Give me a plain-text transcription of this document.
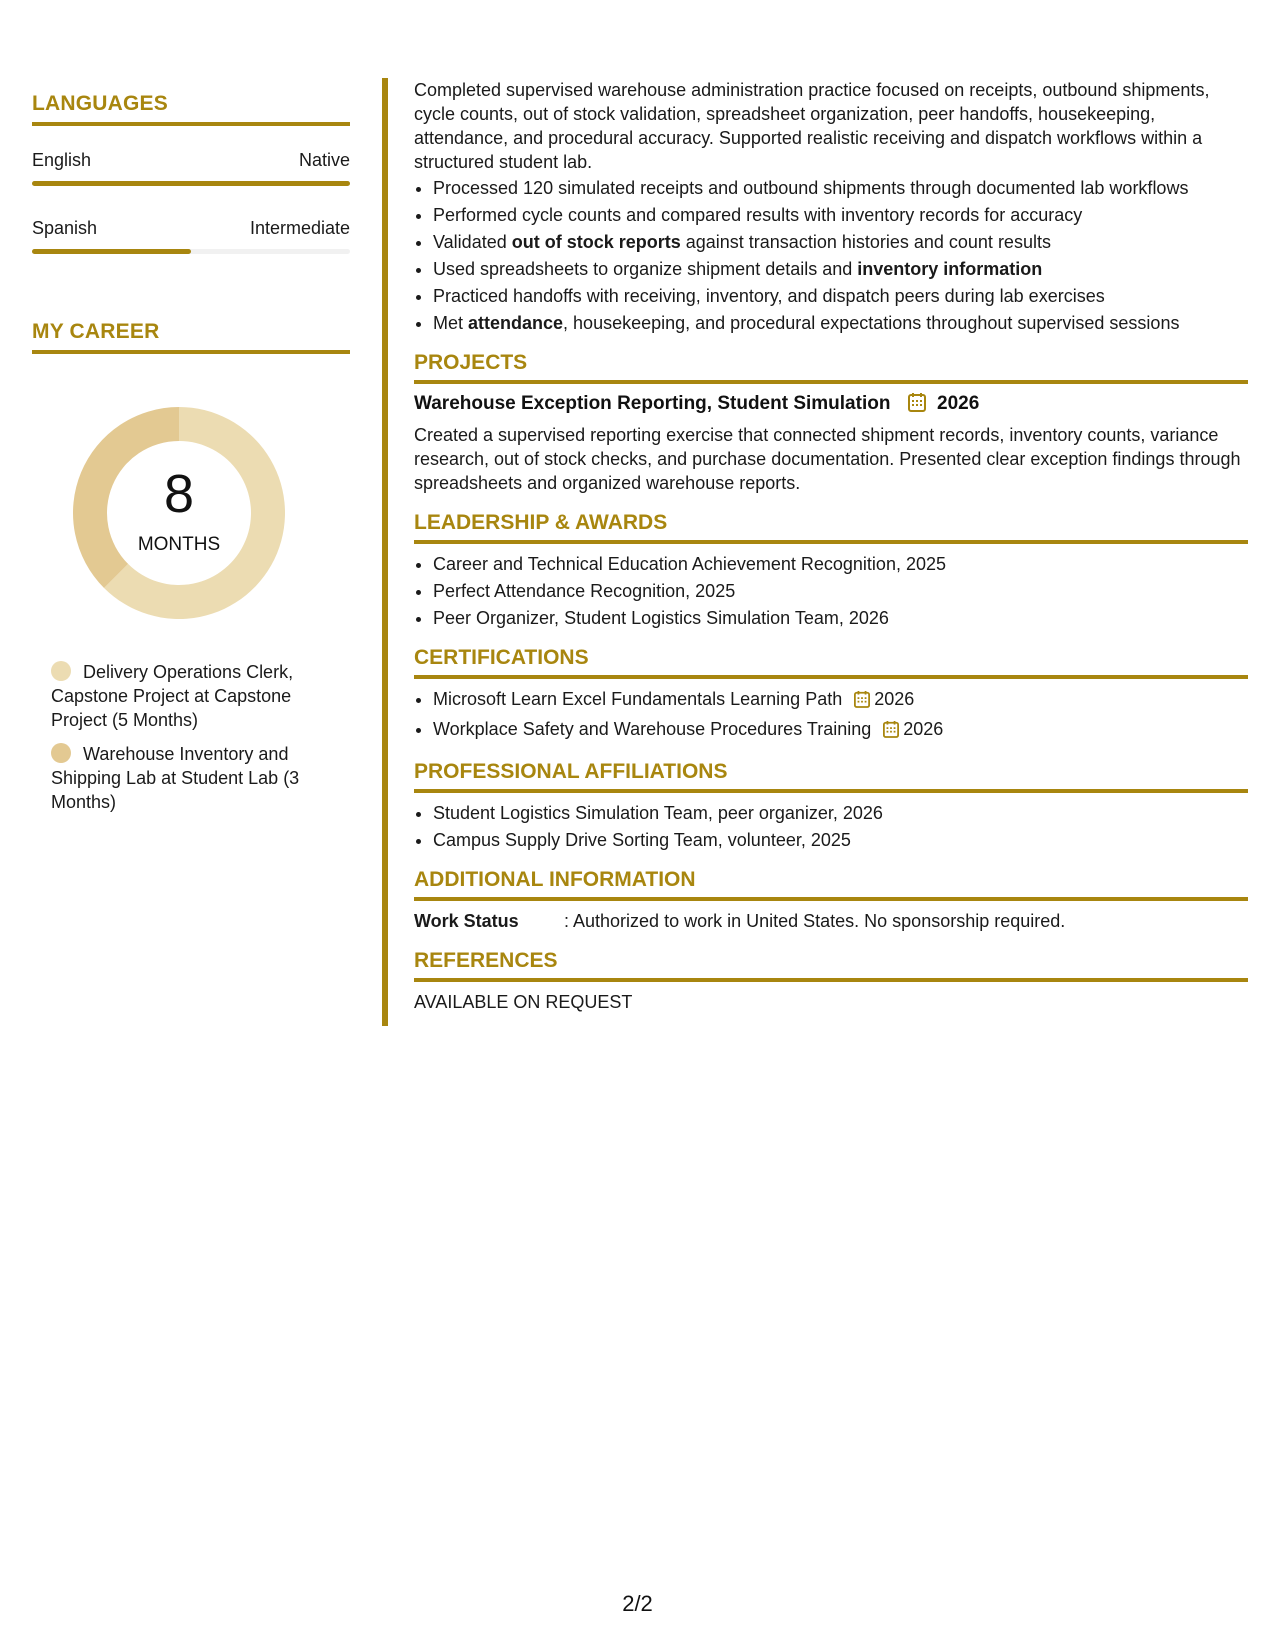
LANGUAGES
English	Native
Spanish	Intermediate
MY CAREER
8
MONTHS
Delivery Operations Clerk, Capstone Project at Capstone Project (5 Months)
Warehouse Inventory and Shipping Lab at Student Lab (3 Months)

Completed supervised warehouse administration practice focused on receipts, outbound shipments, cycle counts, out of stock validation, spreadsheet organization, peer handoffs, housekeeping, attendance, and procedural accuracy. Supported realistic receiving and dispatch workflows within a structured student lab.

• Processed 120 simulated receipts and outbound shipments through documented lab workflows
• Performed cycle counts and compared results with inventory records for accuracy
• Validated out of stock reports against transaction histories and count results
• Used spreadsheets to organize shipment details and inventory information
• Practiced handoffs with receiving, inventory, and dispatch peers during lab exercises
• Met attendance, housekeeping, and procedural expectations throughout supervised sessions
PROJECTS
Warehouse Exception Reporting, Student Simulation 2026

Created a supervised reporting exercise that connected shipment records, inventory counts, variance research, out of stock checks, and purchase documentation. Presented clear exception findings through spreadsheets and organized warehouse reports.

LEADERSHIP & AWARDS
• Career and Technical Education Achievement Recognition, 2025
• Perfect Attendance Recognition, 2025
• Peer Organizer, Student Logistics Simulation Team, 2026
CERTIFICATIONS
• Microsoft Learn Excel Fundamentals Learning Path 2026
• Workplace Safety and Warehouse Procedures Training 2026
PROFESSIONAL AFFILIATIONS
• Student Logistics Simulation Team, peer organizer, 2026
• Campus Supply Drive Sorting Team, volunteer, 2025
ADDITIONAL INFORMATION
Work Status	: Authorized to work in United States. No sponsorship required.
REFERENCES

AVAILABLE ON REQUEST

2/2
